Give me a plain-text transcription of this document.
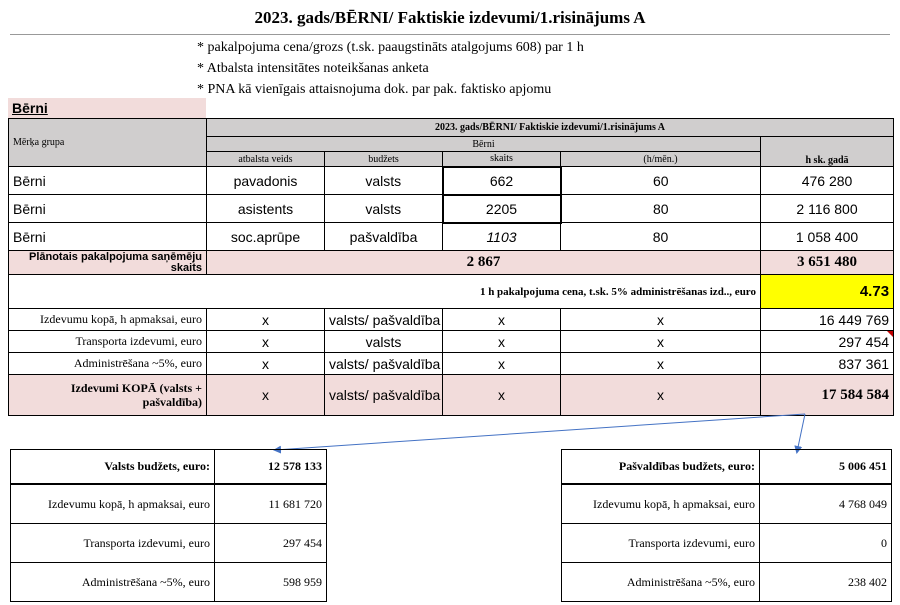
2023. gads/BĒRNI/ Faktiskie izdevumi/1.risinājums A
* pakalpojuma cena/grozs (t.sk. paaugstināts atalgojums 608) par 1 h
* Atbalsta intensitātes noteikšanas anketa
* PNA kā vienīgais attaisnojuma dok. par pak. faktisko apjomu
Bērni
Mērķa grupa	2023. gads/BĒRNI/ Faktiskie izdevumi/1.risinājums A				
	Bērni				h sk. gadā
	atbalsta veids	budžets	skaits	(h/mēn.)	
Bērni	pavadonis	valsts	662	60	476 280
Bērni	asistents	valsts	2205	80	2 116 800
Bērni	soc.aprūpe	pašvaldība	1103	80	1 058 400
Plānotais pakalpojuma saņēmēju skaits	2 867				3 651 480
1 h pakalpojuma cena, t.sk. 5% administrēšanas izd.., euro					4.73
Izdevumu kopā, h apmaksai, euro	x	valsts/ pašvaldība	x	x	16 449 769
Transporta izdevumi, euro	x	valsts	x	x	297 454

Administrēšana ~5%, euro	x	valsts/ pašvaldība	x	x	837 361
Izdevumi KOPĀ (valsts + pašvaldība)	x	valsts/ pašvaldība	x	x	17 584 584
Valsts budžets, euro:	12 578 133
Izdevumu kopā, h apmaksai, euro	11 681 720
Transporta izdevumi, euro	297 454
Administrēšana ~5%, euro	598 959
Pašvaldības budžets, euro:	5 006 451
Izdevumu kopā, h apmaksai, euro	4 768 049
Transporta izdevumi, euro	0
Administrēšana ~5%, euro	238 402
